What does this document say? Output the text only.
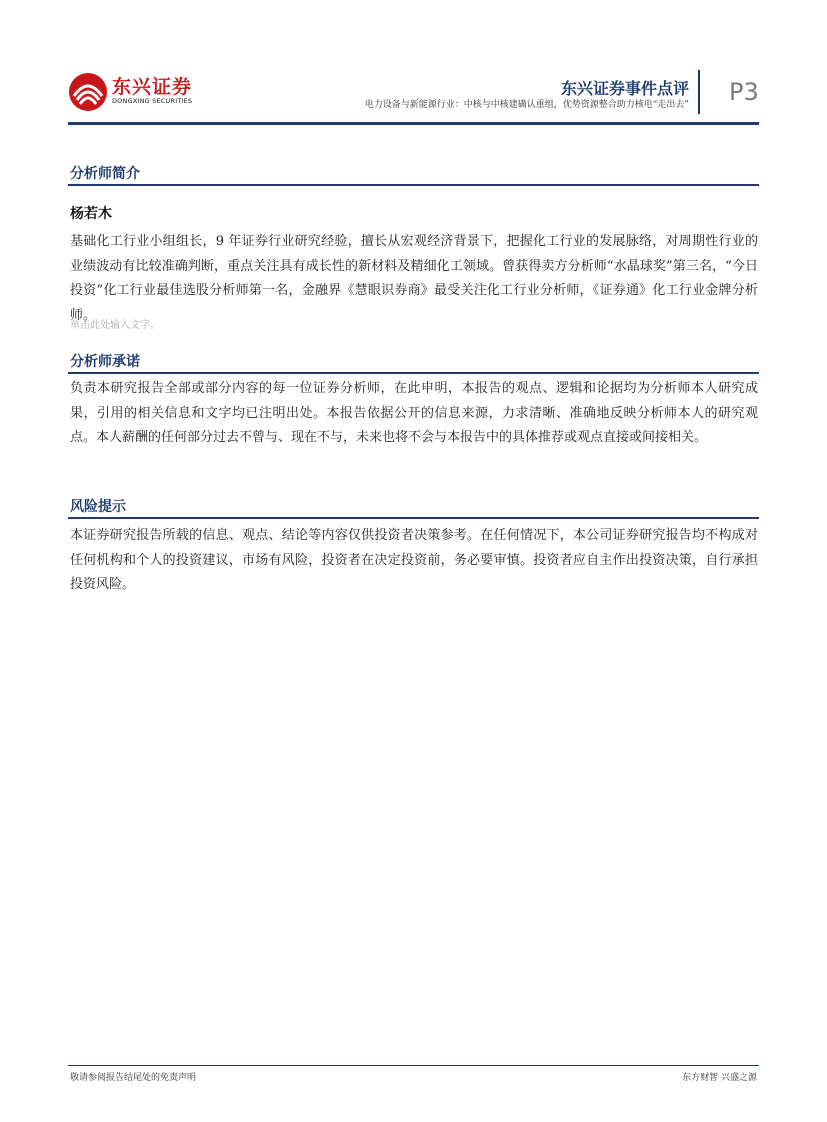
东兴证券
DONGXING SECURITIES
东兴证券事件点评
电力设备与新能源行业：中核与中核建确认重组，优势资源整合助力核电“走出去” P3
分析师简介
杨若木

基础化工行业小组组长，9 年证券行业研究经验，擅长从宏观经济背景下，把握化工行业的发展脉络，对周期性行业的业绩波动有比较准确判断，重点关注具有成长性的新材料及精细化工领域。曾获得卖方分析师“水晶球奖”第三名，“今日投资”化工行业最佳选股分析师第一名，金融界《慧眼识券商》最受关注化工行业分析师，《证券通》化工行业金牌分析师。

单击此处输入文字。
分析师承诺

负责本研究报告全部或部分内容的每一位证券分析师，在此申明，本报告的观点、逻辑和论据均为分析师本人研究成果，引用的相关信息和文字均已注明出处。本报告依据公开的信息来源，力求清晰、准确地反映分析师本人的研究观点。本人薪酬的任何部分过去不曾与、现在不与，未来也将不会与本报告中的具体推荐或观点直接或间接相关。

风险提示

本证券研究报告所载的信息、观点、结论等内容仅供投资者决策参考。在任何情况下，本公司证券研究报告均不构成对任何机构和个人的投资建议，市场有风险，投资者在决定投资前，务必要审慎。投资者应自主作出投资决策，自行承担投资风险。

敬请参阅报告结尾处的免责声明	东方财智 兴盛之源
